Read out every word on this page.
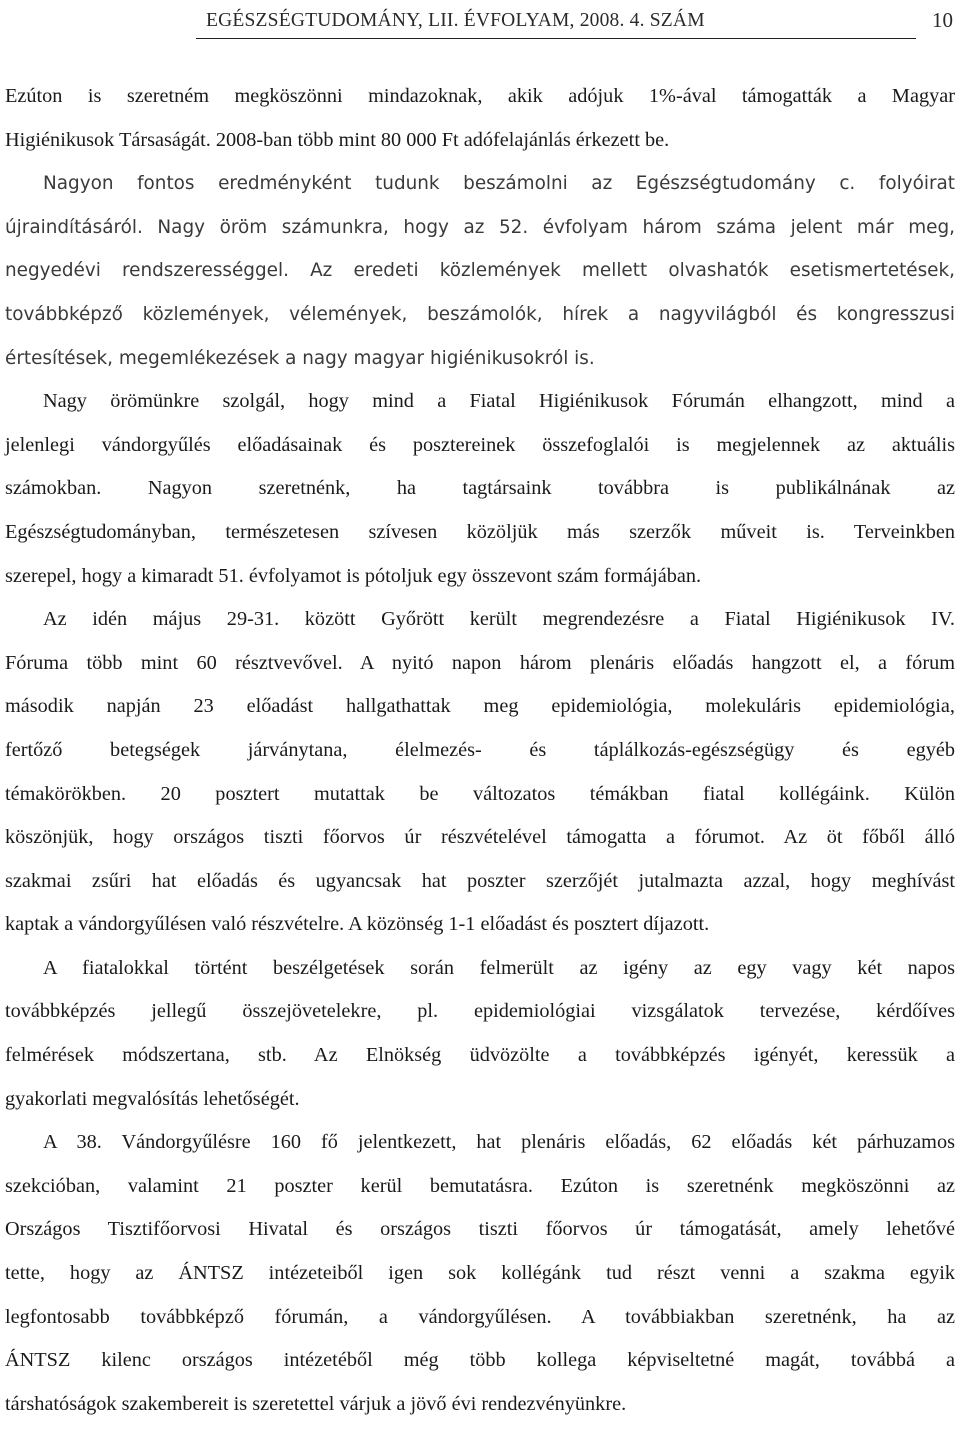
EGÉSZSÉGTUDOMÁNY, LII. ÉVFOLYAM, 2008. 4. SZÁM	10
Ezúton is szeretném megköszönni mindazoknak, akik adójuk 1%-ával támogatták a Magyar
Higiénikusok Társaságát. 2008-ban több mint 80 000 Ft adófelajánlás érkezett be.
Nagyon fontos eredményként tudunk beszámolni az Egészségtudomány c. folyóirat
újraindításáról. Nagy öröm számunkra, hogy az 52. évfolyam három száma jelent már meg,
negyedévi rendszerességgel. Az eredeti közlemények mellett olvashatók esetismertetések,
továbbképző közlemények, vélemények, beszámolók, hírek a nagyvilágból és kongresszusi
értesítések, megemlékezések a nagy magyar higiénikusokról is.
Nagy örömünkre szolgál, hogy mind a Fiatal Higiénikusok Fórumán elhangzott, mind a
jelenlegi vándorgyűlés előadásainak és posztereinek összefoglalói is megjelennek az aktuális
számokban. Nagyon szeretnénk, ha tagtársaink továbbra is publikálnának az
Egészségtudományban, természetesen szívesen közöljük más szerzők műveit is. Terveinkben
szerepel, hogy a kimaradt 51. évfolyamot is pótoljuk egy összevont szám formájában.
Az idén május 29-31. között Győrött került megrendezésre a Fiatal Higiénikusok IV.
Fóruma több mint 60 résztvevővel. A nyitó napon három plenáris előadás hangzott el, a fórum
második napján 23 előadást hallgathattak meg epidemiológia, molekuláris epidemiológia,
fertőző betegségek járványtana, élelmezés- és táplálkozás-egészségügy és egyéb
témakörökben. 20 posztert mutattak be változatos témákban fiatal kollégáink. Külön
köszönjük, hogy országos tiszti főorvos úr részvételével támogatta a fórumot. Az öt főből álló
szakmai zsűri hat előadás és ugyancsak hat poszter szerzőjét jutalmazta azzal, hogy meghívást
kaptak a vándorgyűlésen való részvételre. A közönség 1-1 előadást és posztert díjazott.
A fiatalokkal történt beszélgetések során felmerült az igény az egy vagy két napos
továbbképzés jellegű összejövetelekre, pl. epidemiológiai vizsgálatok tervezése, kérdőíves
felmérések módszertana, stb. Az Elnökség üdvözölte a továbbképzés igényét, keressük a
gyakorlati megvalósítás lehetőségét.
A 38. Vándorgyűlésre 160 fő jelentkezett, hat plenáris előadás, 62 előadás két párhuzamos
szekcióban, valamint 21 poszter kerül bemutatásra. Ezúton is szeretnénk megköszönni az
Országos Tisztifőorvosi Hivatal és országos tiszti főorvos úr támogatását, amely lehetővé
tette, hogy az ÁNTSZ intézeteiből igen sok kollégánk tud részt venni a szakma egyik
legfontosabb továbbképző fórumán, a vándorgyűlésen. A továbbiakban szeretnénk, ha az
ÁNTSZ kilenc országos intézetéből még több kollega képviseltetné magát, továbbá a
társhatóságok szakembereit is szeretettel várjuk a jövő évi rendezvényünkre.
